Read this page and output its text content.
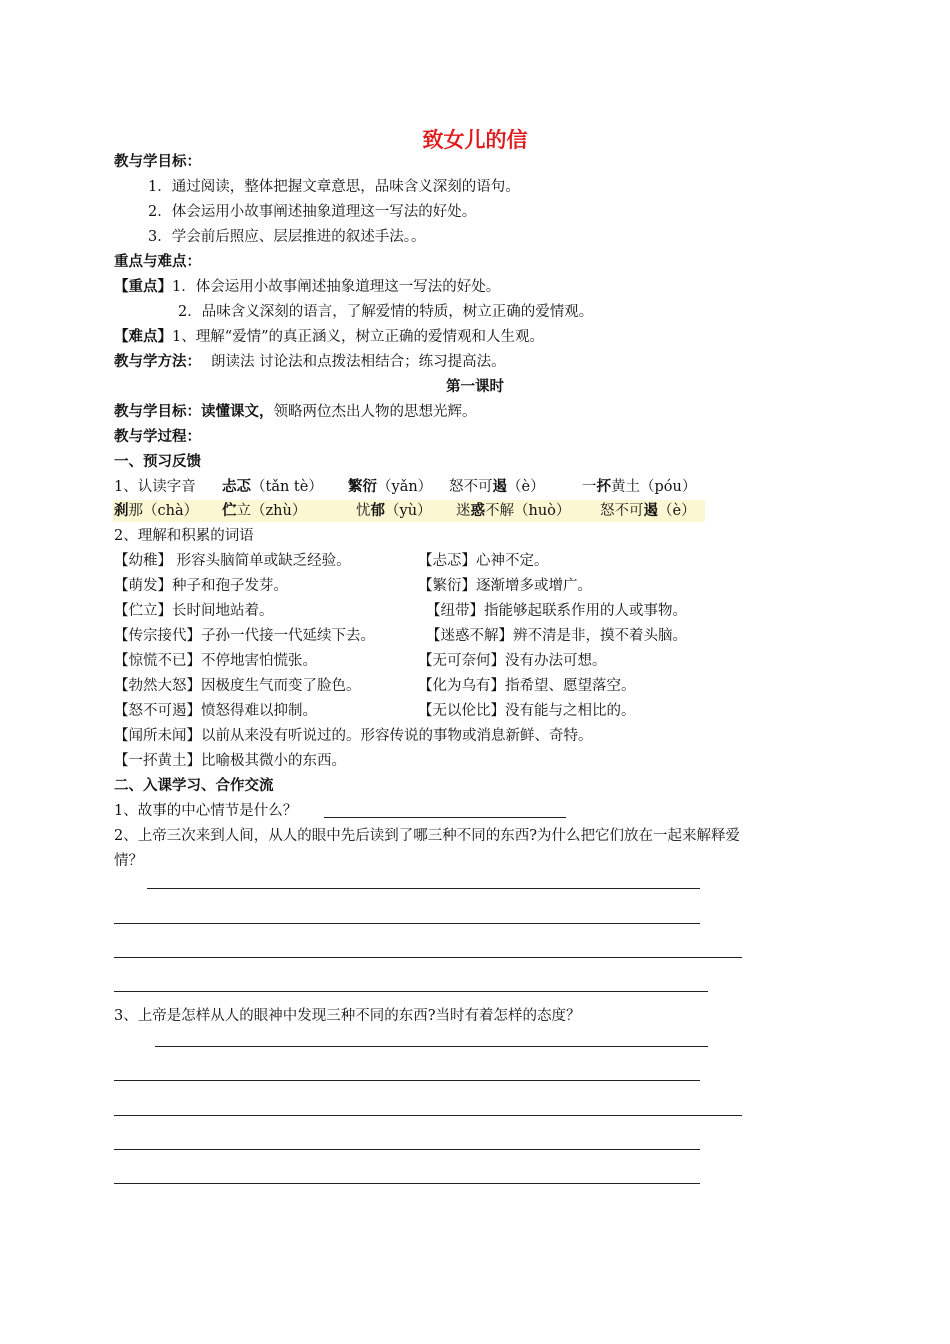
致女儿的信
教与学目标：
1．通过阅读，整体把握文章意思，品味含义深刻的语句。
2．体会运用小故事阐述抽象道理这一写法的好处。
3．学会前后照应、层层推进的叙述手法。。
重点与难点：
【重点】1．体会运用小故事阐述抽象道理这一写法的好处。
2．品味含义深刻的语言，了解爱情的特质，树立正确的爱情观。
【难点】1、理解“爱情”的真正涵义，树立正确的爱情观和人生观。
教与学方法： 朗读法 讨论法和点拨法相结合；练习提高法。
第一课时
教与学目标：读懂课文，领略两位杰出人物的思想光辉。
教与学过程：
一、预习反馈
1、认读字音 忐忑（tǎn tè） 繁衍（yǎn） 怒不可遏（è）	一抔黄土（póu）
刹那（chà） 伫立（zhù）	忧郁（yù） 迷惑不解（huò） 怒不可遏（è）
2、理解和积累的词语
【幼稚】 形容头脑简单或缺乏经验。
【萌发】种子和孢子发芽。
【伫立】长时间地站着。
【传宗接代】子孙一代接一代延续下去。
【惊慌不已】不停地害怕慌张。
【勃然大怒】因极度生气而变了脸色。
【怒不可遏】愤怒得难以抑制。
【忐忑】心神不定。
【繁衍】逐渐增多或增广。
【纽带】指能够起联系作用的人或事物。
【迷惑不解】辨不清是非，摸不着头脑。
【无可奈何】没有办法可想。
【化为乌有】指希望、愿望落空。
【无以伦比】没有能与之相比的。
【闻所未闻】以前从来没有听说过的。形容传说的事物或消息新鲜、奇特。
【一抔黄土】比喻极其微小的东西。
二、入课学习、合作交流
1、故事的中心情节是什么？
2、上帝三次来到人间，从人的眼中先后读到了哪三种不同的东西?为什么把它们放在一起来解释爱
情？
3、上帝是怎样从人的眼神中发现三种不同的东西?当时有着怎样的态度？
